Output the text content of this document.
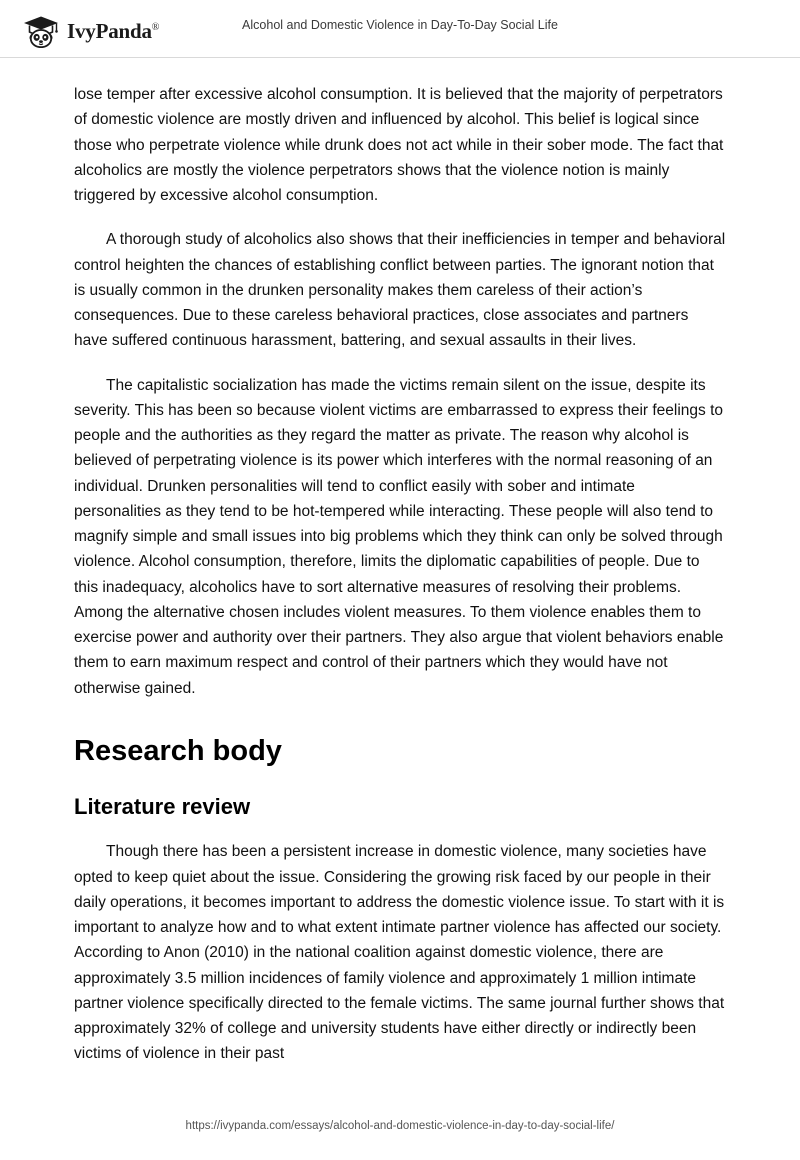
IvyPanda®	Alcohol and Domestic Violence in Day-To-Day Social Life

lose temper after excessive alcohol consumption. It is believed that the majority of perpetrators of domestic violence are mostly driven and influenced by alcohol. This belief is logical since those who perpetrate violence while drunk does not act while in their sober mode. The fact that alcoholics are mostly the violence perpetrators shows that the violence notion is mainly triggered by excessive alcohol consumption.

A thorough study of alcoholics also shows that their inefficiencies in temper and behavioral control heighten the chances of establishing conflict between parties. The ignorant notion that is usually common in the drunken personality makes them careless of their action’s consequences. Due to these careless behavioral practices, close associates and partners have suffered continuous harassment, battering, and sexual assaults in their lives.

The capitalistic socialization has made the victims remain silent on the issue, despite its severity. This has been so because violent victims are embarrassed to express their feelings to people and the authorities as they regard the matter as private. The reason why alcohol is believed of perpetrating violence is its power which interferes with the normal reasoning of an individual. Drunken personalities will tend to conflict easily with sober and intimate personalities as they tend to be hot-tempered while interacting. These people will also tend to magnify simple and small issues into big problems which they think can only be solved through violence. Alcohol consumption, therefore, limits the diplomatic capabilities of people. Due to this inadequacy, alcoholics have to sort alternative measures of resolving their problems. Among the alternative chosen includes violent measures. To them violence enables them to exercise power and authority over their partners. They also argue that violent behaviors enable them to earn maximum respect and control of their partners which they would have not otherwise gained.

Research body
Literature review

Though there has been a persistent increase in domestic violence, many societies have opted to keep quiet about the issue. Considering the growing risk faced by our people in their daily operations, it becomes important to address the domestic violence issue. To start with it is important to analyze how and to what extent intimate partner violence has affected our society. According to Anon (2010) in the national coalition against domestic violence, there are approximately 3.5 million incidences of family violence and approximately 1 million intimate partner violence specifically directed to the female victims. The same journal further shows that approximately 32% of college and university students have either directly or indirectly been victims of violence in their past

https://ivypanda.com/essays/alcohol-and-domestic-violence-in-day-to-day-social-life/
